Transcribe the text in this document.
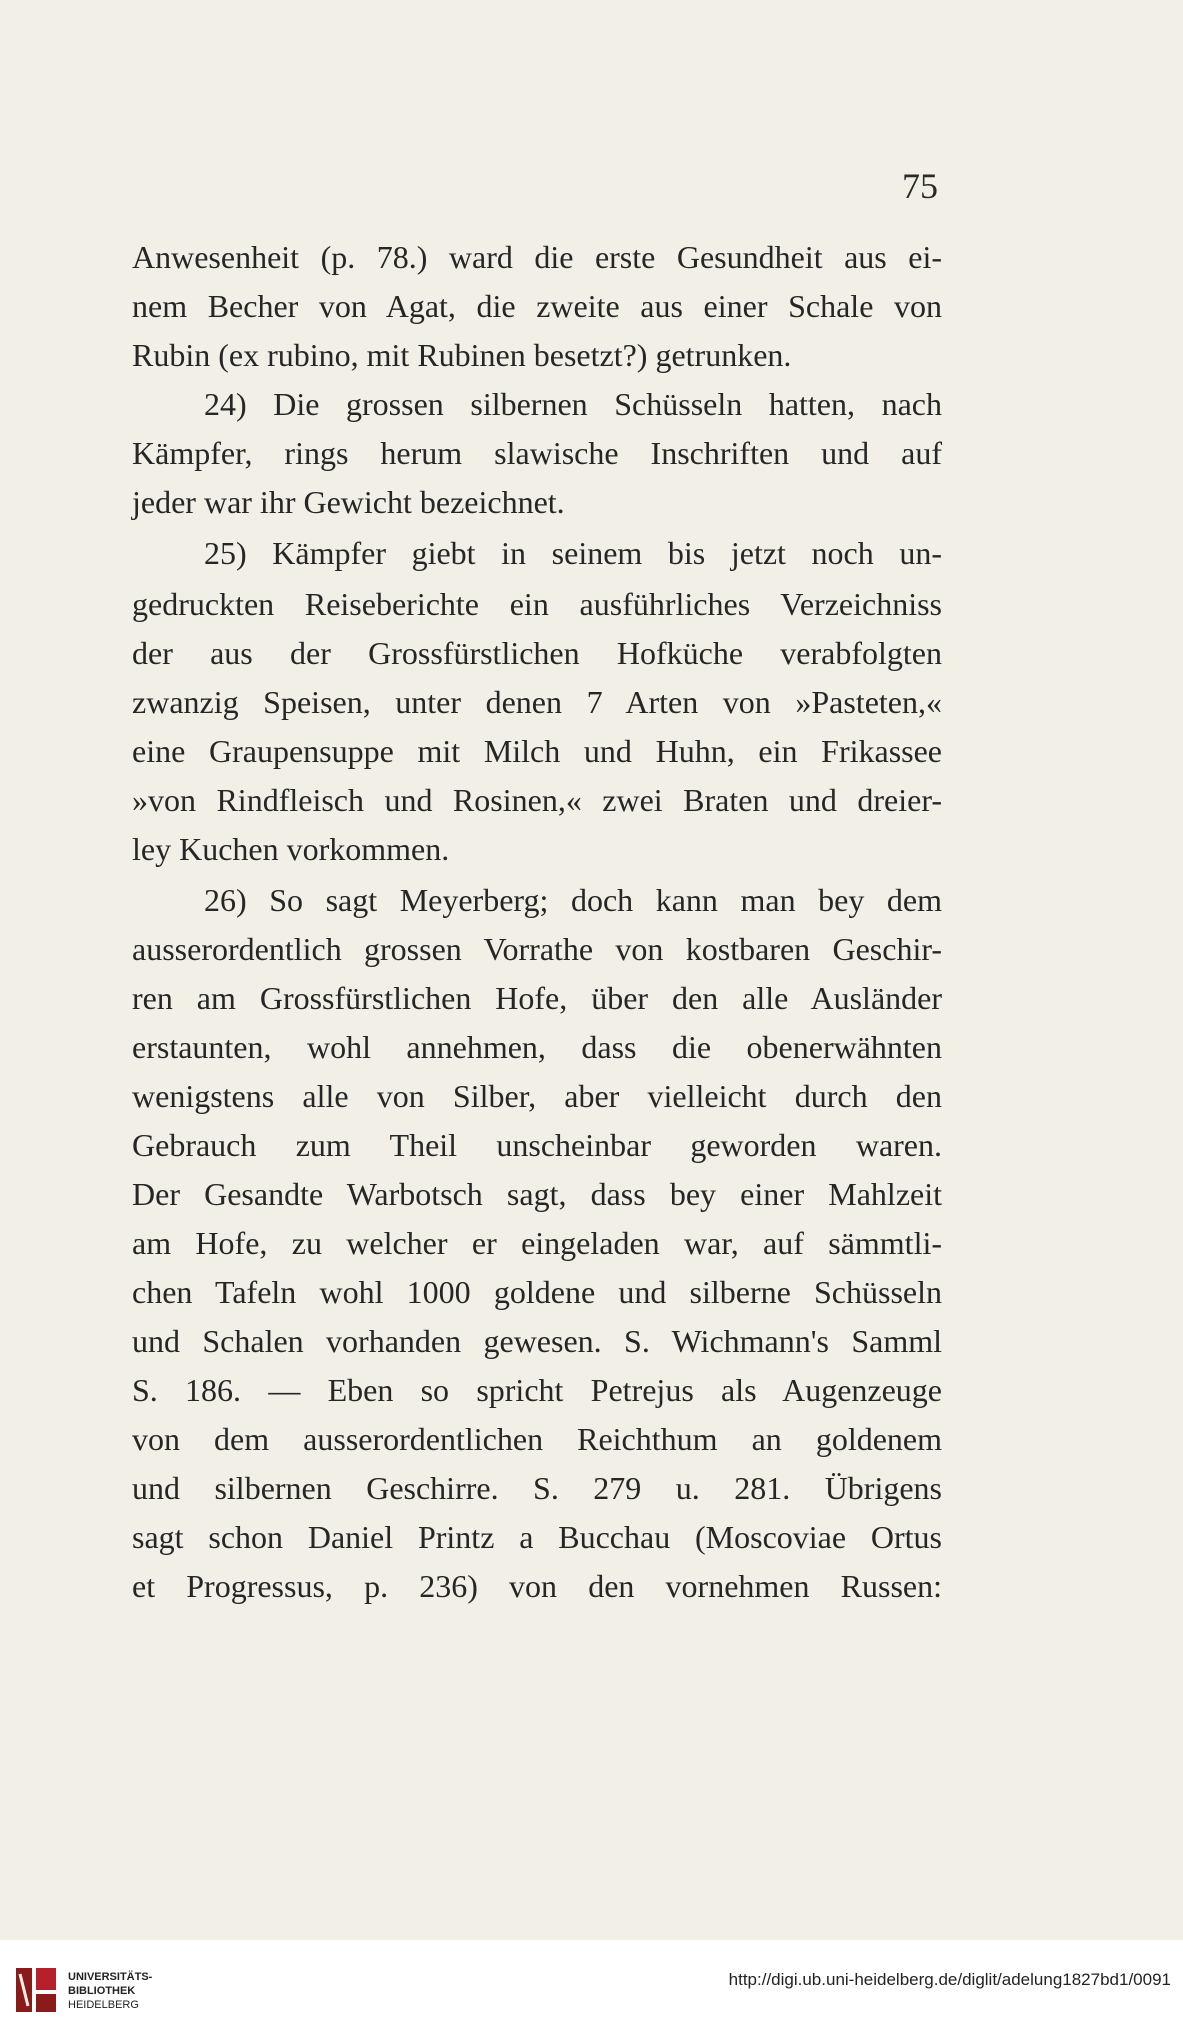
75
Anwesenheit (p. 78.) ward die erste Gesundheit aus ei-
nem Becher von Agat, die zweite aus einer Schale von
Rubin (ex rubino, mit Rubinen besetzt?) getrunken.
24) Die grossen silbernen Schüsseln hatten, nach
Kämpfer, rings herum slawische Inschriften und auf
jeder war ihr Gewicht bezeichnet.
25) Kämpfer giebt in seinem bis jetzt noch un-
gedruckten Reiseberichte ein ausführliches Verzeichniss
der aus der Grossfürstlichen Hofküche verabfolgten
zwanzig Speisen, unter denen 7 Arten von »Pasteten,«
eine Graupensuppe mit Milch und Huhn, ein Frikassee
»von Rindfleisch und Rosinen,« zwei Braten und dreier-
ley Kuchen vorkommen.
26) So sagt Meyerberg; doch kann man bey dem
ausserordentlich grossen Vorrathe von kostbaren Geschir-
ren am Grossfürstlichen Hofe, über den alle Ausländer
erstaunten, wohl annehmen, dass die obenerwähnten
wenigstens alle von Silber, aber vielleicht durch den
Gebrauch zum Theil unscheinbar geworden waren.
Der Gesandte Warbotsch sagt, dass bey einer Mahlzeit
am Hofe, zu welcher er eingeladen war, auf sämmtli-
chen Tafeln wohl 1000 goldene und silberne Schüsseln
und Schalen vorhanden gewesen. S. Wichmann's Samml
S. 186. — Eben so spricht Petrejus als Augenzeuge
von dem ausserordentlichen Reichthum an goldenem
und silbernen Geschirre. S. 279 u. 281. Übrigens
sagt schon Daniel Printz a Bucchau (Moscoviae Ortus
et Progressus, p. 236) von den vornehmen Russen:
UNIVERSITÄTS-
BIBLIOTHEK
HEIDELBERG
http://digi.ub.uni-heidelberg.de/diglit/adelung1827bd1/0091
